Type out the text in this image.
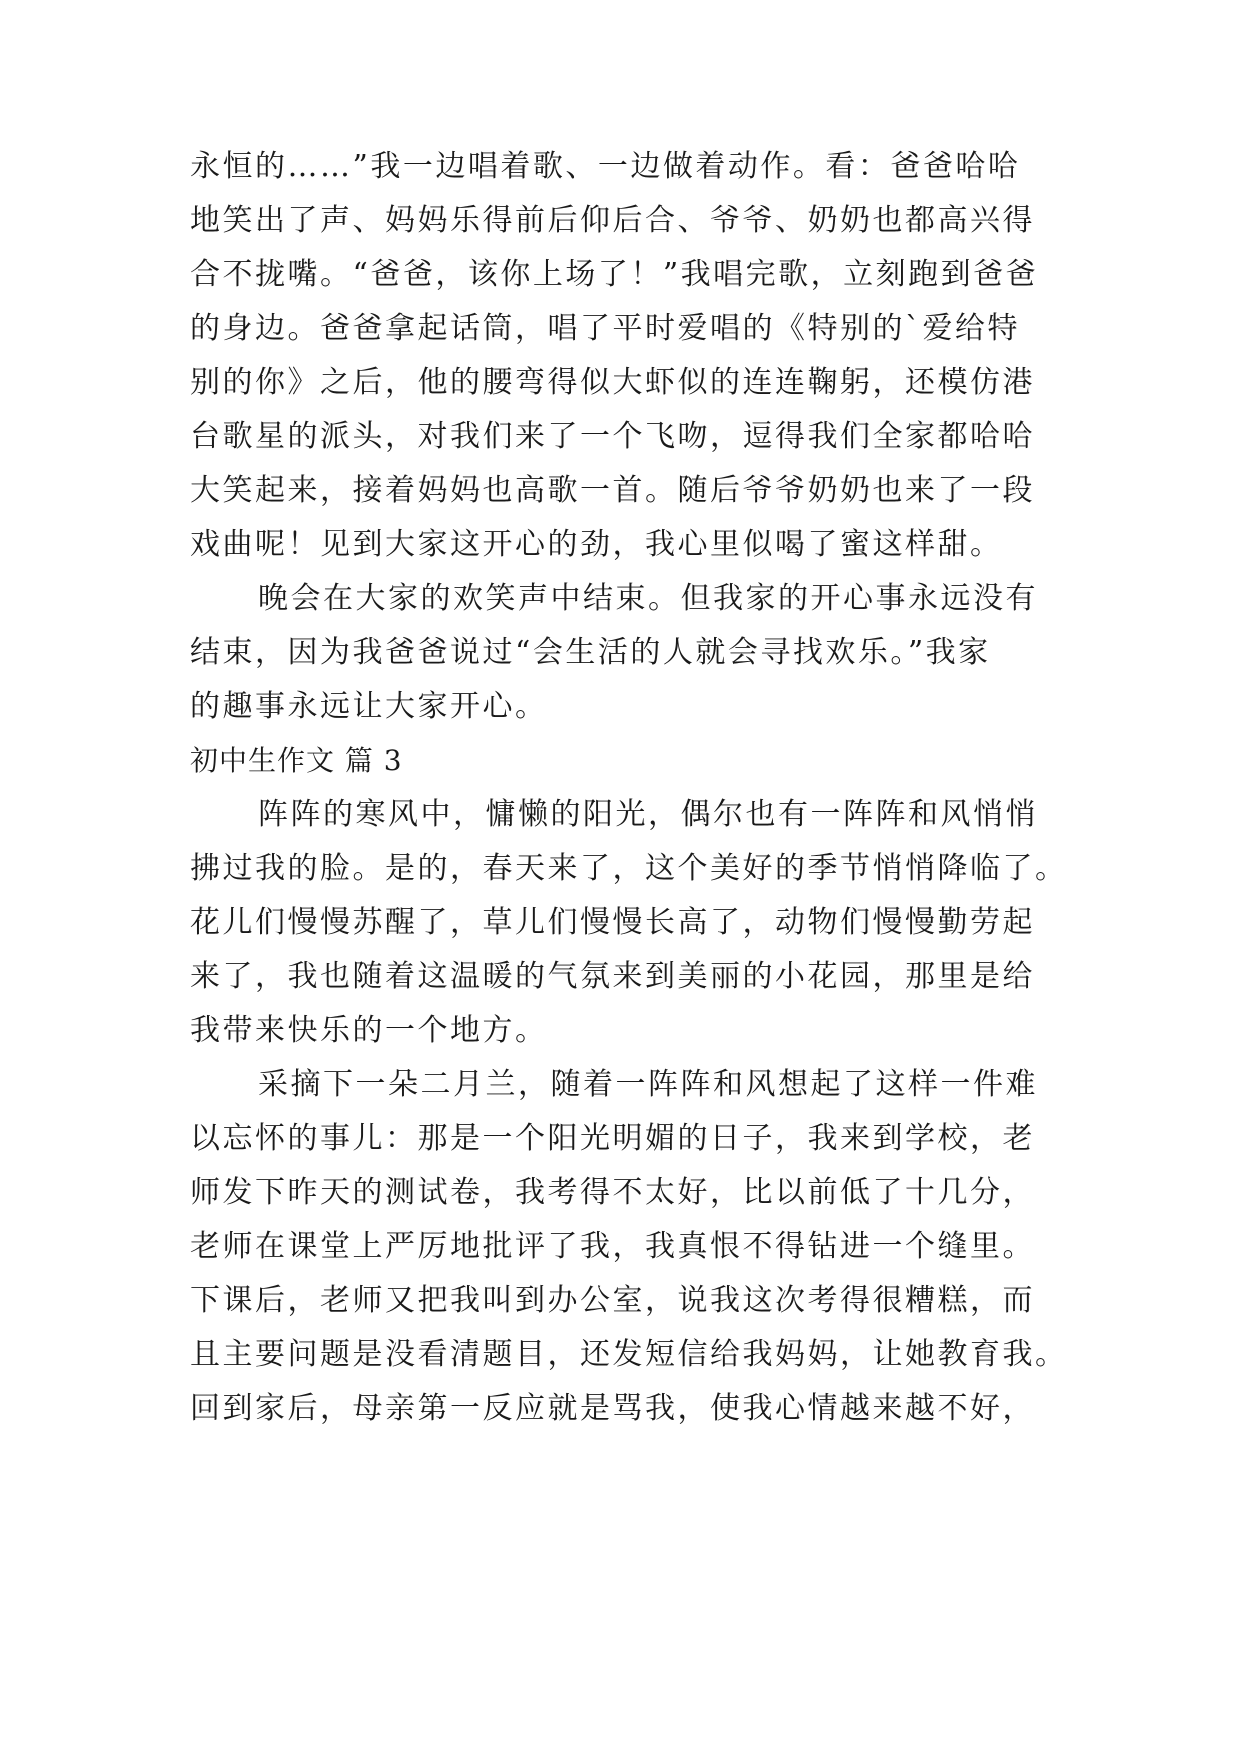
永恒的……”我一边唱着歌、一边做着动作。看：爸爸哈哈
地笑出了声、妈妈乐得前后仰后合、爷爷、奶奶也都高兴得
合不拢嘴。“爸爸，该你上场了！”我唱完歌，立刻跑到爸爸
的身边。爸爸拿起话筒，唱了平时爱唱的《特别的`爱给特
别的你》之后，他的腰弯得似大虾似的连连鞠躬，还模仿港
台歌星的派头，对我们来了一个飞吻，逗得我们全家都哈哈
大笑起来，接着妈妈也高歌一首。随后爷爷奶奶也来了一段
戏曲呢！见到大家这开心的劲，我心里似喝了蜜这样甜。
晚会在大家的欢笑声中结束。但我家的开心事永远没有
结束，因为我爸爸说过“会生活的人就会寻找欢乐。”我家
的趣事永远让大家开心。
初中生作文 篇 3
阵阵的寒风中，慵懒的阳光，偶尔也有一阵阵和风悄悄
拂过我的脸。是的，春天来了，这个美好的季节悄悄降临了。
花儿们慢慢苏醒了，草儿们慢慢长高了，动物们慢慢勤劳起
来了，我也随着这温暖的气氛来到美丽的小花园，那里是给
我带来快乐的一个地方。
采摘下一朵二月兰，随着一阵阵和风想起了这样一件难
以忘怀的事儿：那是一个阳光明媚的日子，我来到学校，老
师发下昨天的测试卷，我考得不太好，比以前低了十几分，
老师在课堂上严厉地批评了我，我真恨不得钻进一个缝里。
下课后，老师又把我叫到办公室，说我这次考得很糟糕，而
且主要问题是没看清题目，还发短信给我妈妈，让她教育我。
回到家后，母亲第一反应就是骂我，使我心情越来越不好，
